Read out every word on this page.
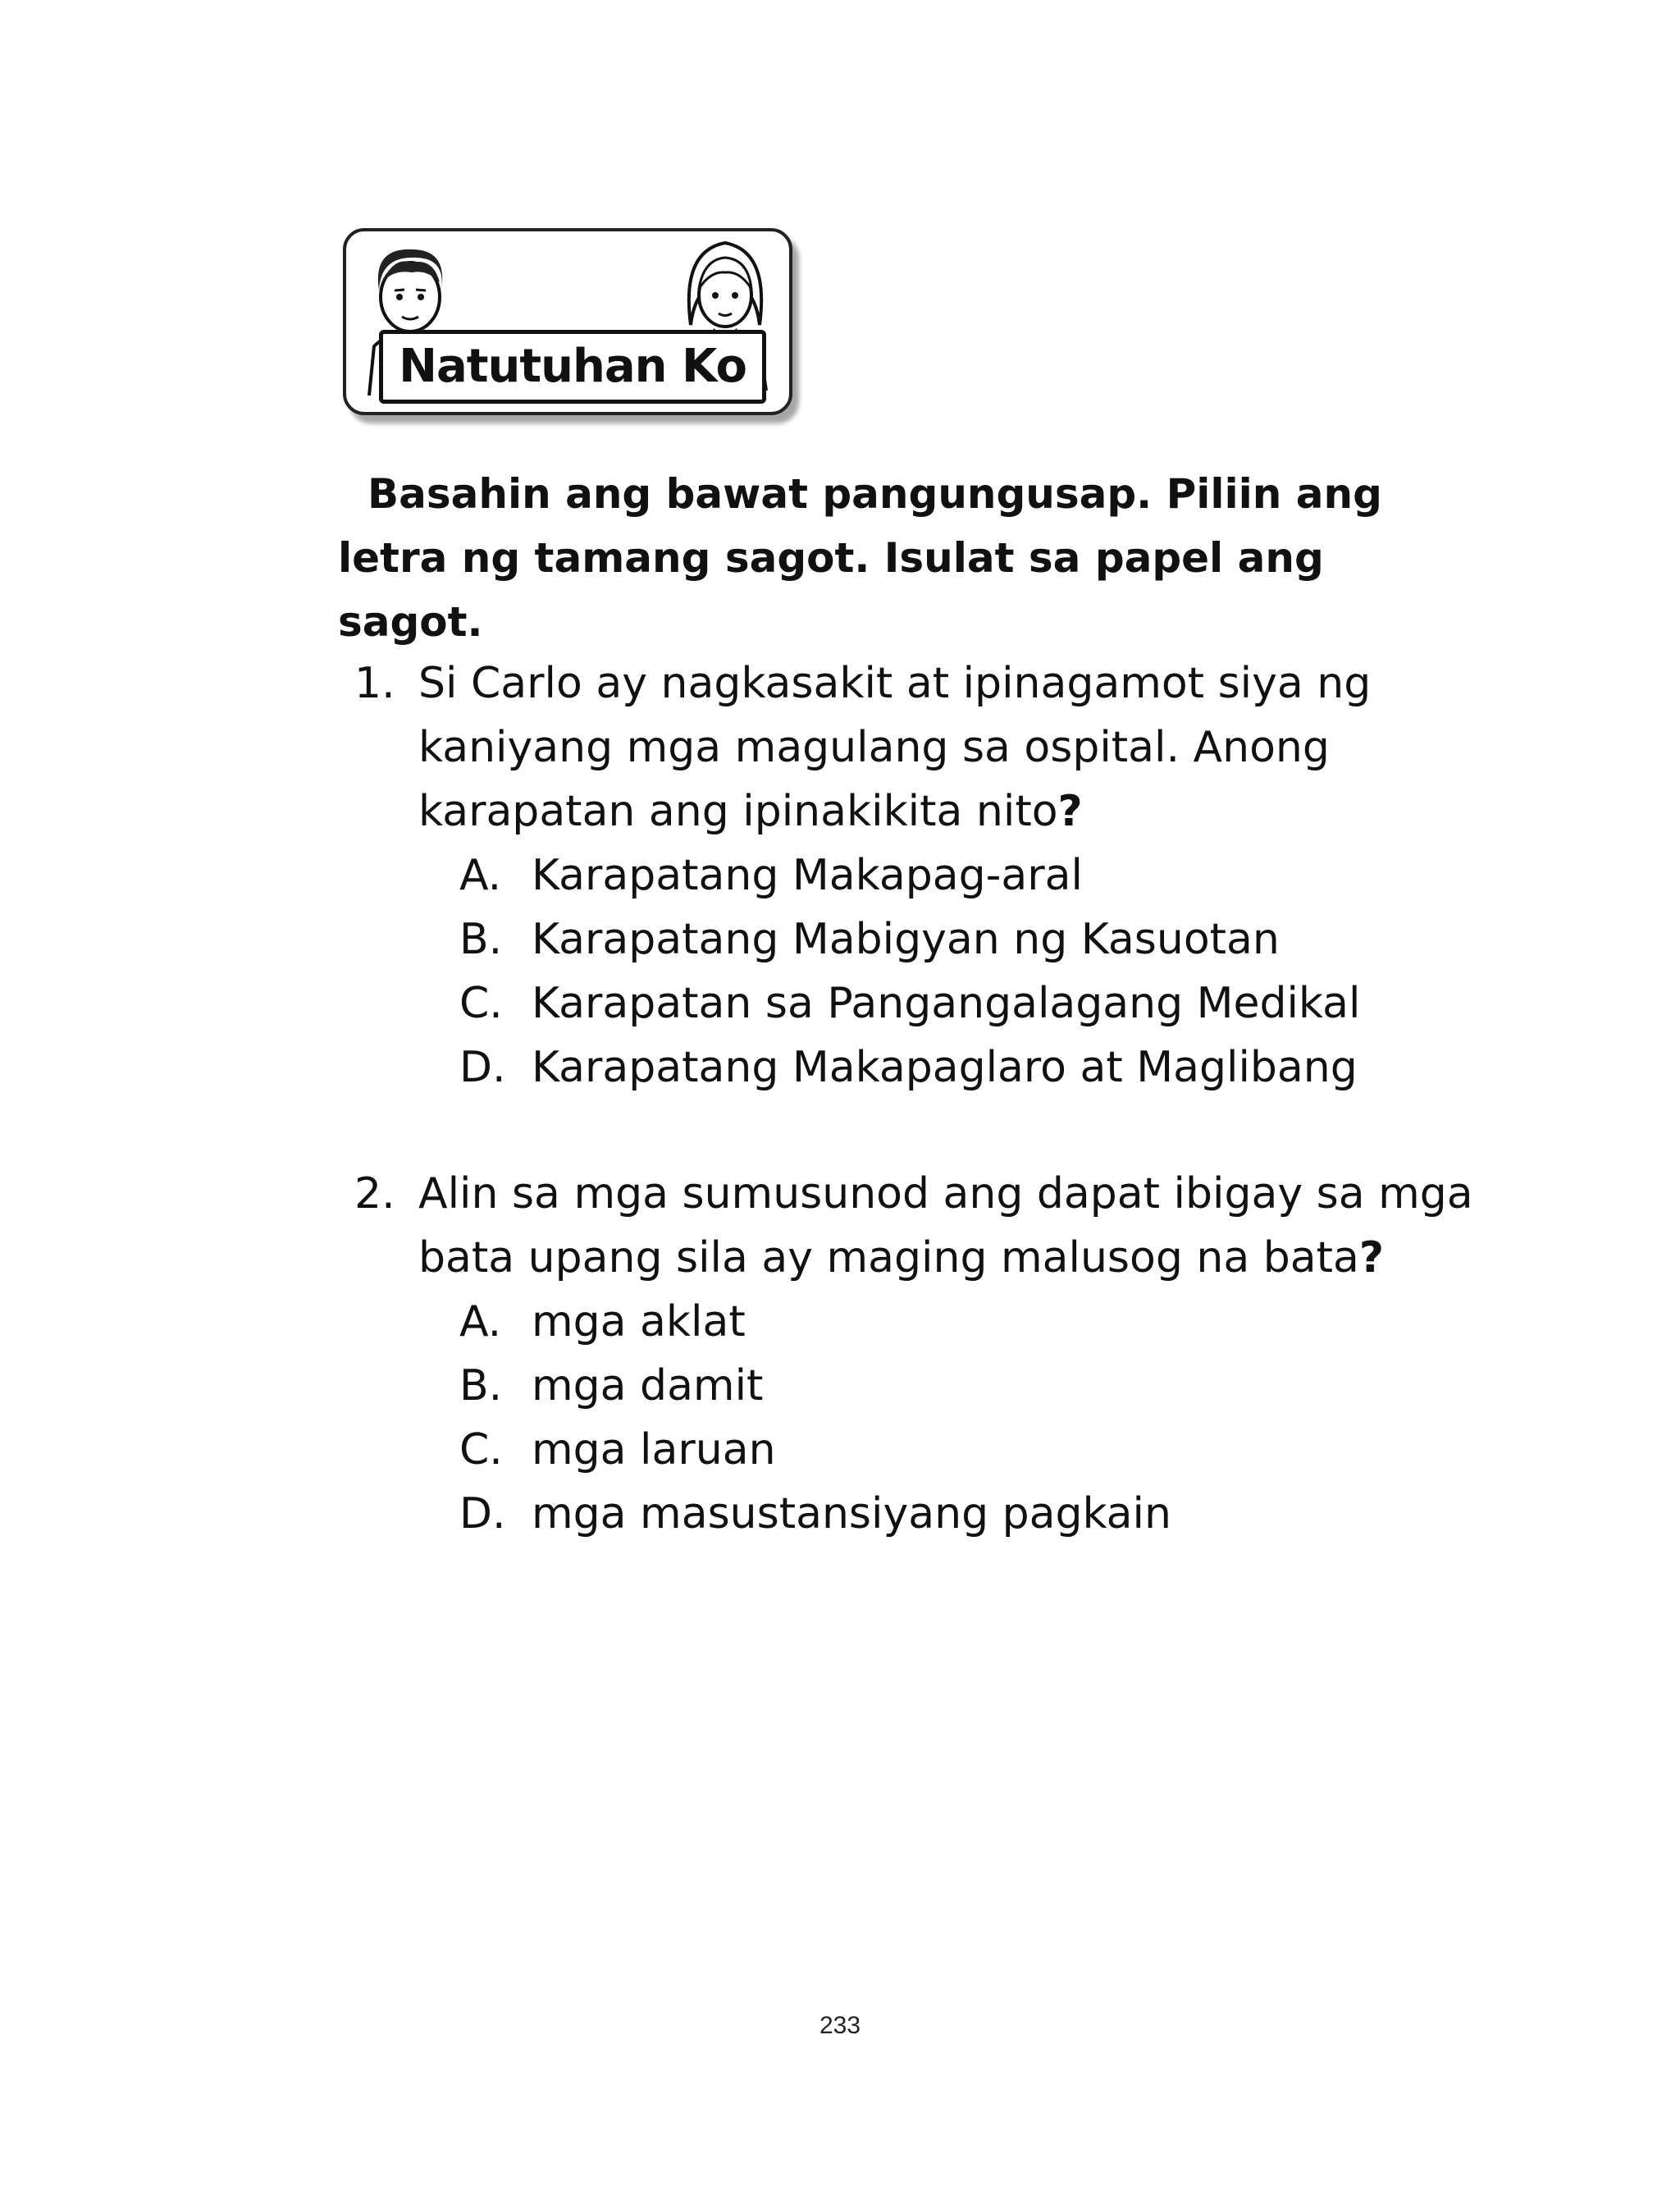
Natutuhan Ko
Basahin ang bawat pangungusap. Piliin ang letra ng tamang sagot. Isulat sa papel ang sagot.
1. Si Carlo ay nagkasakit at ipinagamot siya ng kaniyang mga magulang sa ospital. Anong karapatan ang ipinakikita nito?
A. Karapatang Makapag-aral
B. Karapatang Mabigyan ng Kasuotan
C. Karapatan sa Pangangalagang Medikal
D. Karapatang Makapaglaro at Maglibang
2. Alin sa mga sumusunod ang dapat ibigay sa mga bata upang sila ay maging malusog na bata?
A. mga aklat
B. mga damit
C. mga laruan
D. mga masustansiyang pagkain
233
